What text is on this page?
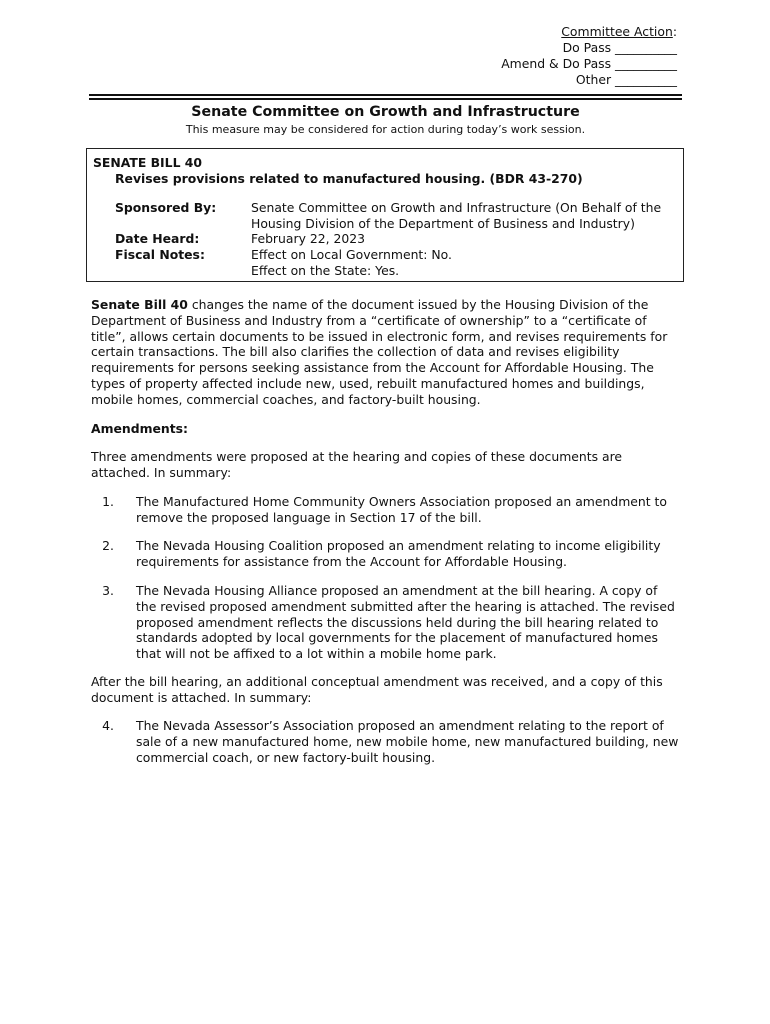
Committee Action:
Do Pass __________
Amend & Do Pass __________
Other __________
Senate Committee on Growth and Infrastructure
This measure may be considered for action during today’s work session.
SENATE BILL 40
Revises provisions related to manufactured housing. (BDR 43-270)
Sponsored By:	Senate Committee on Growth and Infrastructure (On Behalf of the Housing Division of the Department of Business and Industry)
Date Heard:	February 22, 2023
Fiscal Notes:	Effect on Local Government: No.
Effect on the State: Yes.

Senate Bill 40 changes the name of the document issued by the Housing Division of the Department of Business and Industry from a “certificate of ownership” to a “certificate of title”, allows certain documents to be issued in electronic form, and revises requirements for certain transactions. The bill also clarifies the collection of data and revises eligibility requirements for persons seeking assistance from the Account for Affordable Housing. The types of property affected include new, used, rebuilt manufactured homes and buildings, mobile homes, commercial coaches, and factory-built housing.

Amendments:

Three amendments were proposed at the hearing and copies of these documents are attached. In summary:

1. The Manufactured Home Community Owners Association proposed an amendment to remove the proposed language in Section 17 of the bill.
2. The Nevada Housing Coalition proposed an amendment relating to income eligibility requirements for assistance from the Account for Affordable Housing.
3. The Nevada Housing Alliance proposed an amendment at the bill hearing. A copy of the revised proposed amendment submitted after the hearing is attached. The revised proposed amendment reflects the discussions held during the bill hearing related to standards adopted by local governments for the placement of manufactured homes that will not be affixed to a lot within a mobile home park.

After the bill hearing, an additional conceptual amendment was received, and a copy of this document is attached. In summary:

4. The Nevada Assessor’s Association proposed an amendment relating to the report of sale of a new manufactured home, new mobile home, new manufactured building, new commercial coach, or new factory-built housing.
